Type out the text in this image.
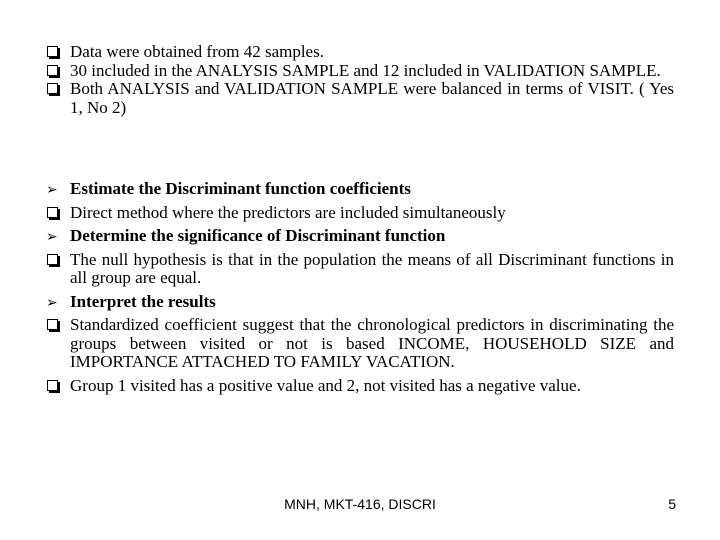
Data were obtained from 42 samples.
30 included in the ANALYSIS SAMPLE and 12 included in VALIDATION SAMPLE.
Both ANALYSIS and VALIDATION SAMPLE were balanced in terms of VISIT. ( Yes 1, No 2)
➢ Estimate the Discriminant function coefficients
Direct method where the predictors are included simultaneously
➢ Determine the significance of Discriminant function
The null hypothesis is that in the population the means of all Discriminant functions in all group are equal.
➢ Interpret the results
Standardized coefficient suggest that the chronological predictors in discriminating the groups between visited or not is based INCOME, HOUSEHOLD SIZE and IMPORTANCE ATTACHED TO FAMILY VACATION.
Group 1 visited has a positive value and 2, not visited has a negative value.
MNH, MKT-416, DISCRI	5
